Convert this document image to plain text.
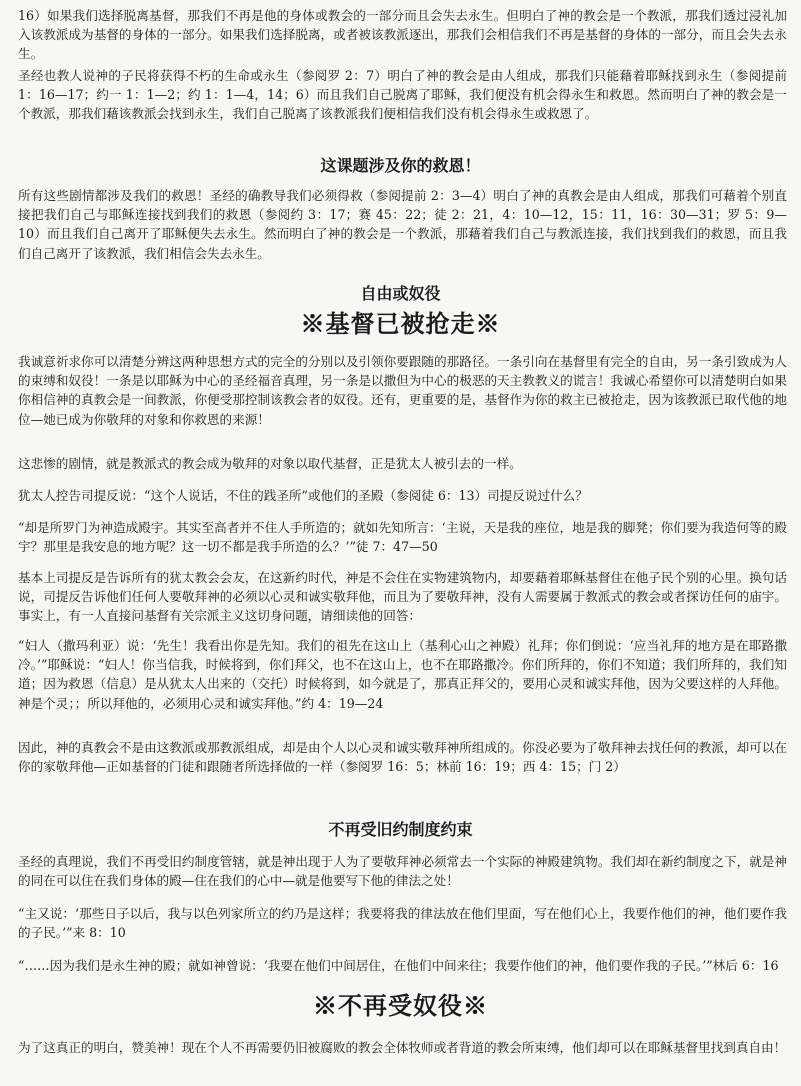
16）如果我们选择脱离基督，那我们不再是他的身体或教会的一部分而且会失去永生。但明白了神的教会是一个教派，那我们透过浸礼加入该教派成为基督的身体的一部分。如果我们选择脱离，或者被该教派逐出，那我们会相信我们不再是基督的身体的一部分，而且会失去永生。

圣经也教人说神的子民将获得不朽的生命或永生（参阅罗 2：7）明白了神的教会是由人组成，那我们只能藉着耶稣找到永生（参阅提前 1：16—17；约一 1：1—2；约 1：1—4，14；6）而且我们自己脱离了耶稣，我们便没有机会得永生和救恩。然而明白了神的教会是一个教派，那我们藉该教派会找到永生，我们自己脱离了该教派我们便相信我们没有机会得永生或救恩了。

这课题涉及你的救恩！

所有这些剧情都涉及我们的救恩！圣经的确教导我们必须得救（参阅提前 2：3—4）明白了神的真教会是由人组成，那我们可藉着个别直接把我们自己与耶稣连接找到我们的救恩（参阅约 3：17；赛 45：22；徒 2：21，4：10—12，15：11，16：30—31；罗 5：9—10）而且我们自己离开了耶稣便失去永生。然而明白了神的教会是一个教派，那藉着我们自己与教派连接，我们找到我们的救恩，而且我们自己离开了该教派，我们相信会失去永生。

自由或奴役
※基督已被抢走※

我诚意祈求你可以清楚分辨这两种思想方式的完全的分别以及引领你要跟随的那路径。一条引向在基督里有完全的自由，另一条引致成为人的束缚和奴役！一条是以耶稣为中心的圣经福音真理，另一条是以撒但为中心的极恶的天主教教义的谎言！我诚心希望你可以清楚明白如果你相信神的真教会是一间教派，你便受那控制该教会者的奴役。还有，更重要的是，基督作为你的救主已被抢走，因为该教派已取代他的地位—她已成为你敬拜的对象和你救恩的来源！

这悲惨的剧情，就是教派式的教会成为敬拜的对象以取代基督，正是犹太人被引去的一样。

犹太人控告司提反说：“这个人说话，不住的践圣所”或他们的圣殿（参阅徒 6：13）司提反说过什么？

“却是所罗门为神造成殿宇。其实至高者并不住人手所造的；就如先知所言：‘主说，天是我的座位，地是我的脚凳；你们要为我造何等的殿宇？那里是我安息的地方呢？这一切不都是我手所造的么？’”徒 7：47—50

基本上司提反是告诉所有的犹太教会会友，在这新约时代，神是不会住在实物建筑物内，却要藉着耶稣基督住在他子民个别的心里。换句话说，司提反告诉他们任何人要敬拜神的必须以心灵和诚实敬拜他，而且为了要敬拜神，没有人需要属于教派式的教会或者探访任何的庙宇。事实上，有一人直接问基督有关宗派主义这切身问题，请细读他的回答：

“妇人（撒玛利亚）说：‘先生！我看出你是先知。我们的祖先在这山上（基利心山之神殿）礼拜；你们倒说：‘应当礼拜的地方是在耶路撒冷。’”耶稣说：“妇人！你当信我，时候将到，你们拜父，也不在这山上，也不在耶路撒冷。你们所拜的，你们不知道；我们所拜的，我们知道；因为救恩（信息）是从犹太人出来的（交托）时候将到，如今就是了，那真正拜父的，要用心灵和诚实拜他，因为父要这样的人拜他。神是个灵；；所以拜他的，必须用心灵和诚实拜他。”约 4：19—24

因此，神的真教会不是由这教派或那教派组成，却是由个人以心灵和诚实敬拜神所组成的。你没必要为了敬拜神去找任何的教派，却可以在你的家敬拜他—正如基督的门徒和跟随者所选择做的一样（参阅罗 16：5；林前 16：19；西 4：15；门 2）

不再受旧约制度约束

圣经的真理说，我们不再受旧约制度管辖，就是神出现于人为了要敬拜神必须常去一个实际的神殿建筑物。我们却在新约制度之下，就是神的同在可以住在我们身体的殿—住在我们的心中—就是他要写下他的律法之处！

“主又说：‘那些日子以后，我与以色列家所立的约乃是这样；我要将我的律法放在他们里面，写在他们心上，我要作他们的神，他们要作我的子民。’”来 8：10

“……因为我们是永生神的殿；就如神曾说：‘我要在他们中间居住，在他们中间来往；我要作他们的神，他们要作我的子民。’”林后 6：16

※不再受奴役※

为了这真正的明白，赞美神！现在个人不再需要仍旧被腐败的教会全体牧师或者背道的教会所束缚，他们却可以在耶稣基督里找到真自由！
